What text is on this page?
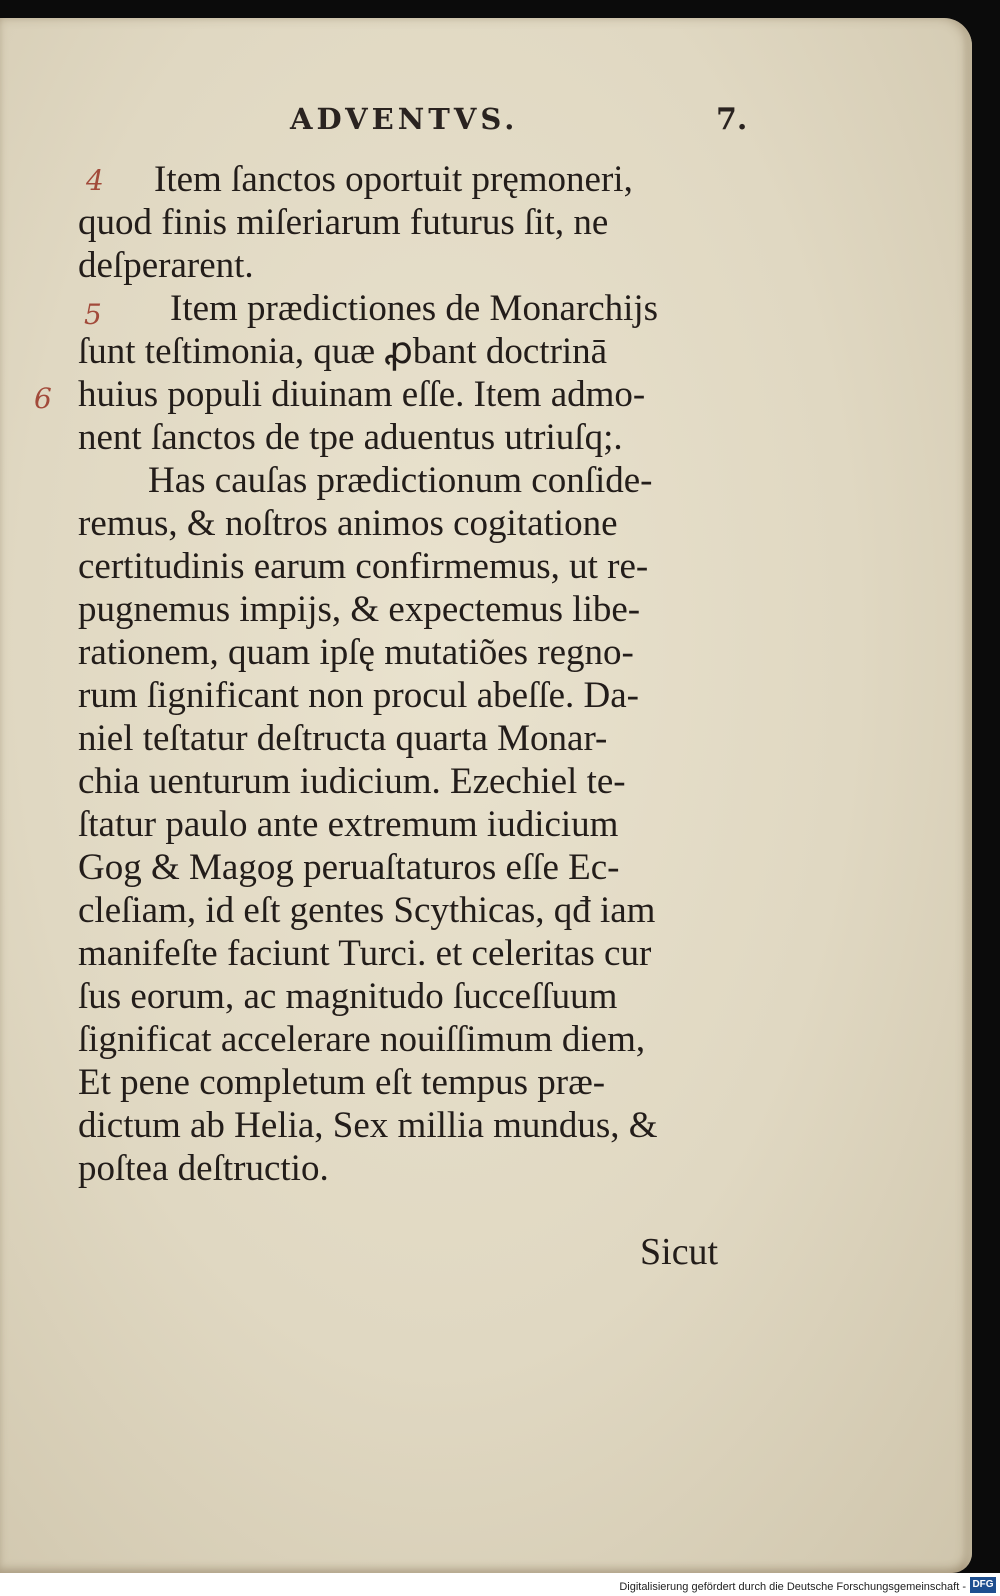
ADVENTVS.	7.
4
5
6
Item ſanctos oportuit pręmoneri,
quod finis miſeriarum futurus ſit, ne
deſperarent.
Item prædictiones de Monarchijs
ſunt teſtimonia, quæ ꝓbant doctrinā
huius populi diuinam eſſe. Item admo-
nent ſanctos de tpe aduentus utriuſq;.
Has cauſas prædictionum conſide-
remus, & noſtros animos cogitatione
certitudinis earum confirmemus, ut re-
pugnemus impijs, & expectemus libe-
rationem, quam ipſę mutatiões regno-
rum ſignificant non procul abeſſe. Da-
niel teſtatur deſtructa quarta Monar-
chia uenturum iudicium. Ezechiel te-
ſtatur paulo ante extremum iudicium
Gog & Magog peruaſtaturos eſſe Ec-
cleſiam, id eſt gentes Scythicas, qđ iam
manifeſte faciunt Turci. et celeritas cur
ſus eorum, ac magnitudo ſucceſſuum
ſignificat accelerare nouiſſimum diem,
Et pene completum eſt tempus præ-
dictum ab Helia, Sex millia mundus, &
poſtea deſtructio.
Sicut
Digitalisierung gefördert durch die Deutsche Forschungsgemeinschaft - DFG
